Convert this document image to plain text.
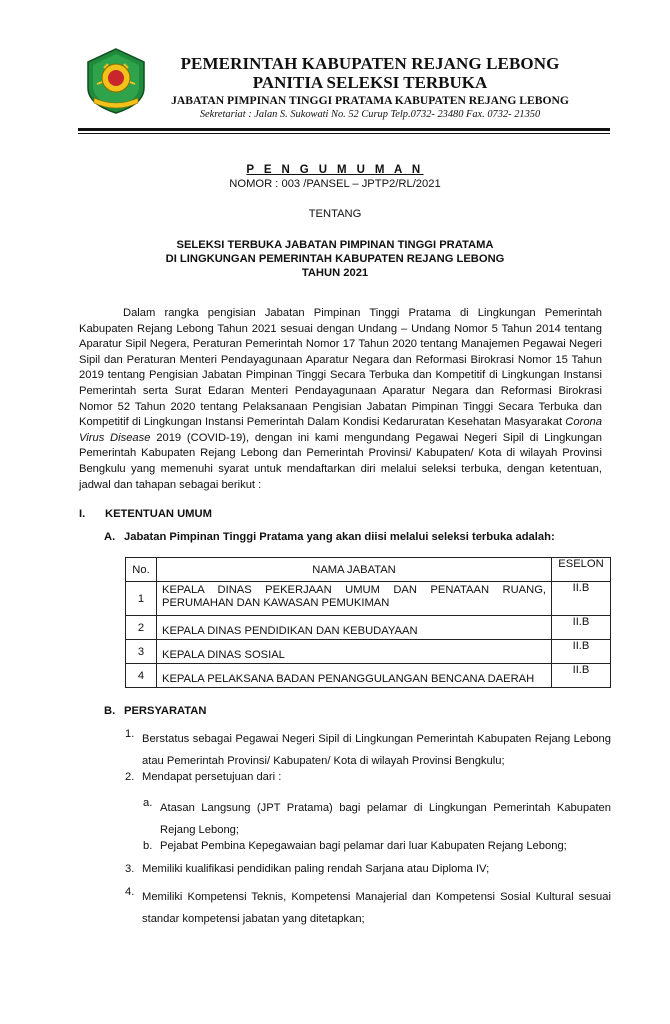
PEMERINTAH KABUPATEN REJANG LEBONG
PANITIA SELEKSI TERBUKA
JABATAN PIMPINAN TINGGI PRATAMA KABUPATEN REJANG LEBONG
Sekretariat : Jalan S. Sukowati No. 52 Curup Telp.0732- 23480 Fax. 0732- 21350
P E N G U M U M A N
NOMOR : 003 /PANSEL – JPTP2/RL/2021
TENTANG
SELEKSI TERBUKA JABATAN PIMPINAN TINGGI PRATAMA
DI LINGKUNGAN PEMERINTAH KABUPATEN REJANG LEBONG
TAHUN 2021
Dalam rangka pengisian Jabatan Pimpinan Tinggi Pratama di Lingkungan Pemerintah Kabupaten Rejang Lebong Tahun 2021 sesuai dengan Undang – Undang Nomor 5 Tahun 2014 tentang Aparatur Sipil Negera, Peraturan Pemerintah Nomor 17 Tahun 2020 tentang Manajemen Pegawai Negeri Sipil dan Peraturan Menteri Pendayagunaan Aparatur Negara dan Reformasi Birokrasi Nomor 15 Tahun 2019 tentang Pengisian Jabatan Pimpinan Tinggi Secara Terbuka dan Kompetitif di Lingkungan Instansi Pemerintah serta Surat Edaran Menteri Pendayagunaan Aparatur Negara dan Reformasi Birokrasi Nomor 52 Tahun 2020 tentang Pelaksanaan Pengisian Jabatan Pimpinan Tinggi Secara Terbuka dan Kompetitif di Lingkungan Instansi Pemerintah Dalam Kondisi Kedaruratan Kesehatan Masyarakat Corona Virus Disease 2019 (COVID-19), dengan ini kami mengundang Pegawai Negeri Sipil di Lingkungan Pemerintah Kabupaten Rejang Lebong dan Pemerintah Provinsi/ Kabupaten/ Kota di wilayah Provinsi Bengkulu yang memenuhi syarat untuk mendaftarkan diri melalui seleksi terbuka, dengan ketentuan, jadwal dan tahapan sebagai berikut :
I. KETENTUAN UMUM
A. Jabatan Pimpinan Tinggi Pratama yang akan diisi melalui seleksi terbuka adalah:
No.	NAMA JABATAN	ESELON
1	KEPALA DINAS PEKERJAAN UMUM DAN PENATAAN RUANG, PERUMAHAN DAN KAWASAN PEMUKIMAN	II.B
2	KEPALA DINAS PENDIDIKAN DAN KEBUDAYAAN	II.B
3	KEPALA DINAS SOSIAL	II.B
4	KEPALA PELAKSANA BADAN PENANGGULANGAN BENCANA DAERAH	II.B
B. PERSYARATAN
1. Berstatus sebagai Pegawai Negeri Sipil di Lingkungan Pemerintah Kabupaten Rejang Lebong atau Pemerintah Provinsi/ Kabupaten/ Kota di wilayah Provinsi Bengkulu;
2. Mendapat persetujuan dari :
a. Atasan Langsung (JPT Pratama) bagi pelamar di Lingkungan Pemerintah Kabupaten Rejang Lebong;
b. Pejabat Pembina Kepegawaian bagi pelamar dari luar Kabupaten Rejang Lebong;
3. Memiliki kualifikasi pendidikan paling rendah Sarjana atau Diploma IV;
4. Memiliki Kompetensi Teknis, Kompetensi Manajerial dan Kompetensi Sosial Kultural sesuai standar kompetensi jabatan yang ditetapkan;
